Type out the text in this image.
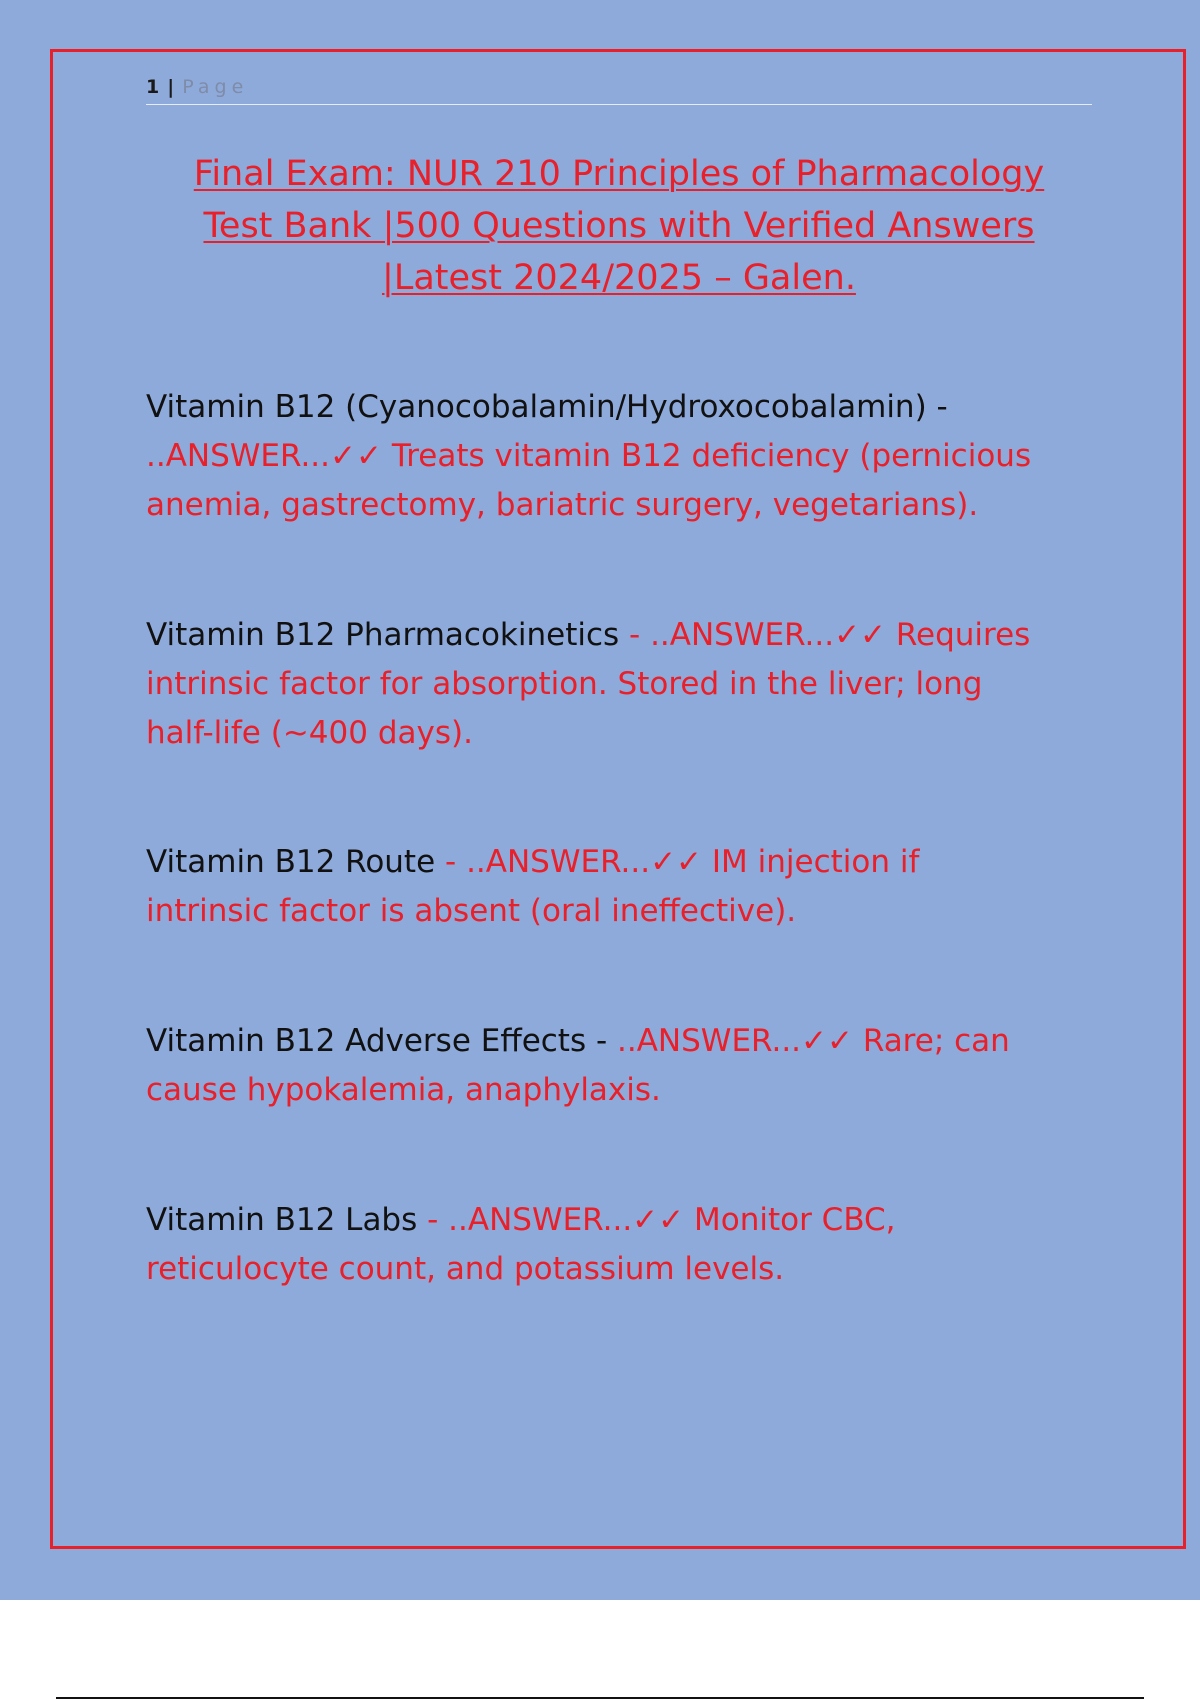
1 | Page
Final Exam: NUR 210 Principles of Pharmacology
Test Bank |500 Questions with Verified Answers
|Latest 2024/2025 – Galen.
Vitamin B12 (Cyanocobalamin/Hydroxocobalamin) -
..ANSWER...✓✓ Treats vitamin B12 deficiency (pernicious
anemia, gastrectomy, bariatric surgery, vegetarians).
Vitamin B12 Pharmacokinetics - ..ANSWER...✓✓ Requires
intrinsic factor for absorption. Stored in the liver; long
half-life (~400 days).
Vitamin B12 Route - ..ANSWER...✓✓ IM injection if
intrinsic factor is absent (oral ineffective).
Vitamin B12 Adverse Effects - ..ANSWER...✓✓ Rare; can
cause hypokalemia, anaphylaxis.
Vitamin B12 Labs - ..ANSWER...✓✓ Monitor CBC,
reticulocyte count, and potassium levels.
